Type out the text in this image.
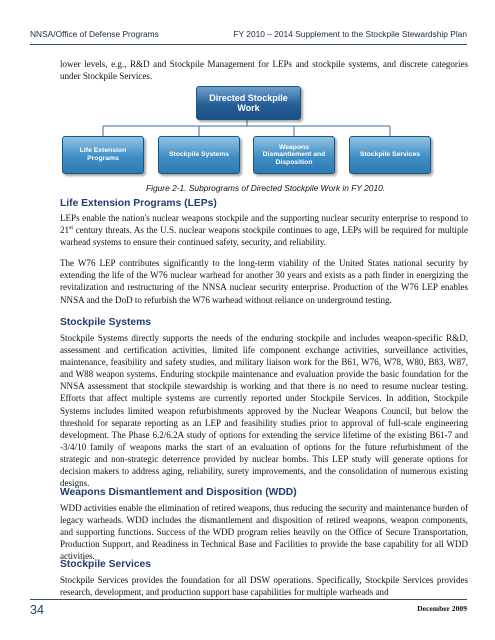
NNSA/Office of Defense Programs	FY 2010 – 2014 Supplement to the Stockpile Stewardship Plan

lower levels, e.g., R&D and Stockpile Management for LEPs and stockpile systems, and discrete categories under Stockpile Services.

Directed Stockpile Work
Life Extension Programs
Stockpile Systems
Weapons Dismantlement and Disposition
Stockpile Services
Figure 2-1. Subprograms of Directed Stockpile Work in FY 2010.
Life Extension Programs (LEPs)

LEPs enable the nation's nuclear weapons stockpile and the supporting nuclear security enterprise to respond to 21st century threats. As the U.S. nuclear weapons stockpile continues to age, LEPs will be required for multiple warhead systems to ensure their continued safety, security, and reliability.

The W76 LEP contributes significantly to the long-term viability of the United States national security by extending the life of the W76 nuclear warhead for another 30 years and exists as a path finder in energizing the revitalization and restructuring of the NNSA nuclear security enterprise. Production of the W76 LEP enables NNSA and the DoD to refurbish the W76 warhead without reliance on underground testing.

Stockpile Systems

Stockpile Systems directly supports the needs of the enduring stockpile and includes weapon-specific R&D, assessment and certification activities, limited life component exchange activities, surveillance activities, maintenance, feasibility and safety studies, and military liaison work for the B61, W76, W78, W80, B83, W87, and W88 weapon systems. Enduring stockpile maintenance and evaluation provide the basic foundation for the NNSA assessment that stockpile stewardship is working and that there is no need to resume nuclear testing. Efforts that affect multiple systems are currently reported under Stockpile Services. In addition, Stockpile Systems includes limited weapon refurbishments approved by the Nuclear Weapons Council, but below the threshold for separate reporting as an LEP and feasibility studies prior to approval of full-scale engineering development. The Phase 6.2/6.2A study of options for extending the service lifetime of the existing B61-7 and -3/4/10 family of weapons marks the start of an evaluation of options for the future refurbishment of the strategic and non-strategic deterrence provided by nuclear bombs. This LEP study will generate options for decision makers to address aging, reliability, surety improvements, and the consolidation of numerous existing designs.

Weapons Dismantlement and Disposition (WDD)

WDD activities enable the elimination of retired weapons, thus reducing the security and maintenance burden of legacy warheads. WDD includes the dismantlement and disposition of retired weapons, weapon components, and supporting functions. Success of the WDD program relies heavily on the Office of Secure Transportation, Production Support, and Readiness in Technical Base and Facilities to provide the base capability for all WDD activities.

Stockpile Services

Stockpile Services provides the foundation for all DSW operations. Specifically, Stockpile Services provides research, development, and production support base capabilities for multiple warheads and

34	December 2009
